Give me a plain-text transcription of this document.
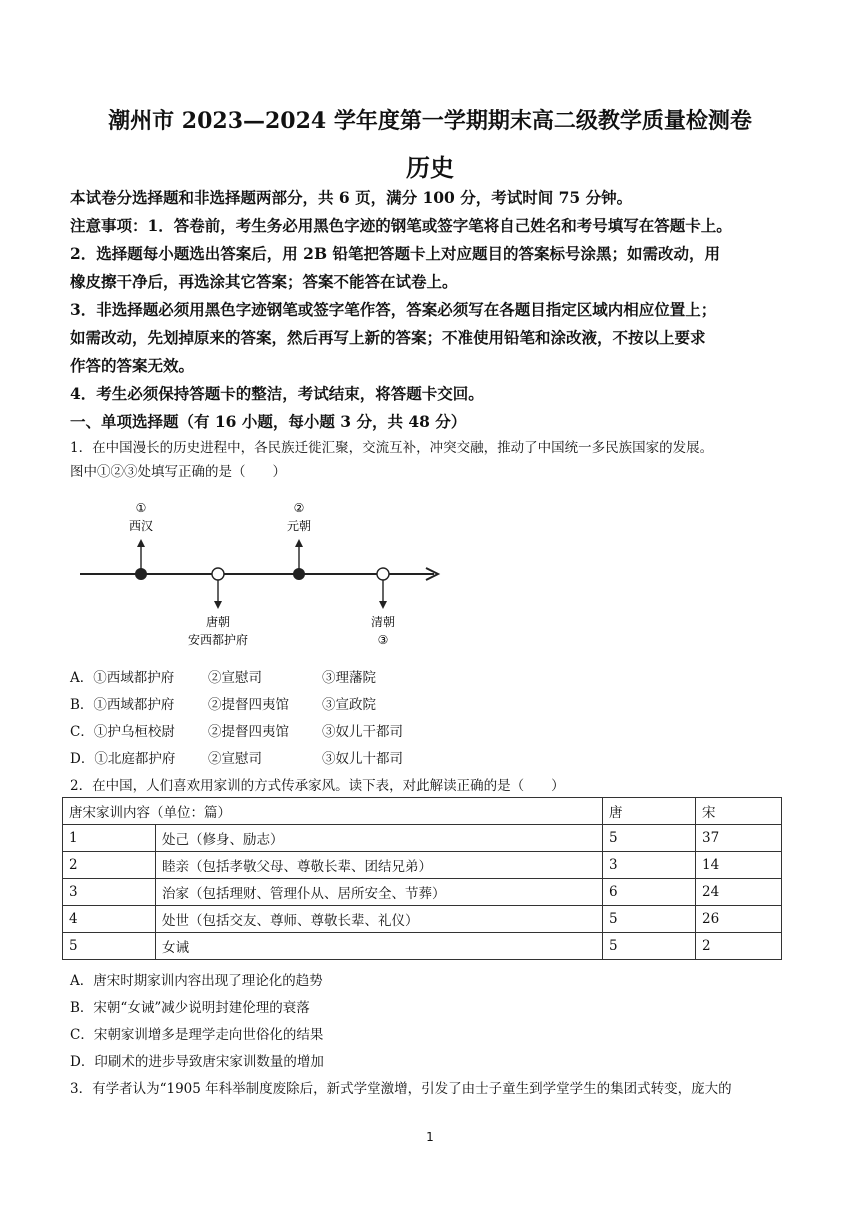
潮州市 2023—2024 学年度第一学期期末高二级教学质量检测卷
历史
本试卷分选择题和非选择题两部分，共 6 页，满分 100 分，考试时间 75 分钟。
注意事项：1．答卷前，考生务必用黑色字迹的钢笔或签字笔将自己姓名和考号填写在答题卡上。
2．选择题每小题选出答案后，用 2B 铅笔把答题卡上对应题目的答案标号涂黑；如需改动，用
橡皮擦干净后，再选涂其它答案；答案不能答在试卷上。
3．非选择题必须用黑色字迹钢笔或签字笔作答，答案必须写在各题目指定区域内相应位置上；
如需改动，先划掉原来的答案，然后再写上新的答案；不准使用铅笔和涂改液，不按以上要求
作答的答案无效。
4．考生必须保持答题卡的整洁，考试结束，将答题卡交回。
一、单项选择题（有 16 小题，每小题 3 分，共 48 分）
1．在中国漫长的历史进程中，各民族迁徙汇聚，交流互补，冲突交融，推动了中国统一多民族国家的发展。
图中①②③处填写正确的是（　　）
①
西汉
唐朝
安西都护府
②
元朝
清朝
③
A．①西域都护府	②宣慰司	③理藩院
B．①西域都护府 ②提督四夷馆 ③宣政院
C．①护乌桓校尉 ②提督四夷馆 ③奴儿干都司
D．①北庭都护府 ②宣慰司	③奴儿十都司
2．在中国，人们喜欢用家训的方式传承家风。读下表，对此解读正确的是（　　）
唐宋家训内容（单位：篇）		唐	宋
1	处己（修身、励志）	5	37
2	睦亲（包括孝敬父母、尊敬长辈、团结兄弟）	3	14
3	治家（包括理财、管理仆从、居所安全、节葬）	6	24
4	处世（包括交友、尊师、尊敬长辈、礼仪）	5	26
5	女诫	5	2
A．唐宋时期家训内容出现了理论化的趋势
B．宋朝“女诫”减少说明封建伦理的衰落
C．宋朝家训增多是理学走向世俗化的结果
D．印刷术的进步导致唐宋家训数量的增加
3．有学者认为“1905 年科举制度废除后，新式学堂激增，引发了由士子童生到学堂学生的集团式转变，庞大的
1
